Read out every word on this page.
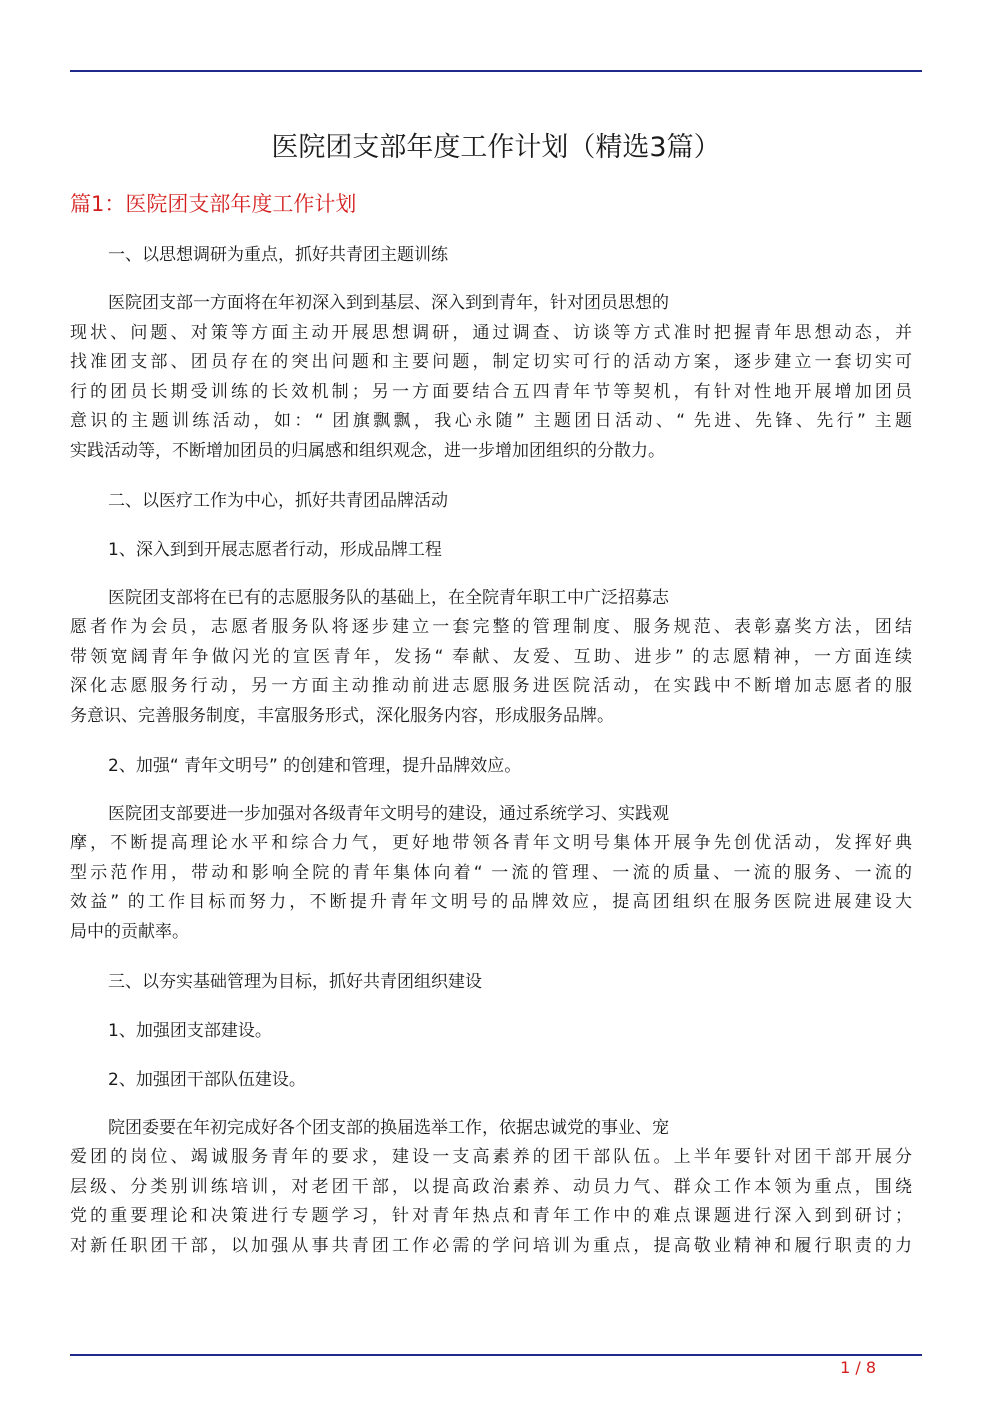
医院团支部年度工作计划（精选3篇）
篇1：医院团支部年度工作计划
一、以思想调研为重点，抓好共青团主题训练
医院团支部一方面将在年初深入到到基层、深入到到青年，针对团员思想的
现状、问题、对策等方面主动开展思想调研，通过调查、访谈等方式准时把握青年思想动态，并
找准团支部、团员存在的突出问题和主要问题，制定切实可行的活动方案，逐步建立一套切实可
行的团员长期受训练的长效机制；另一方面要结合五四青年节等契机，有针对性地开展增加团员
意识的主题训练活动，如：“ 团旗飘飘，我心永随” 主题团日活动、“ 先进、先锋、先行” 主题
实践活动等，不断增加团员的归属感和组织观念，进一步增加团组织的分散力。
二、以医疗工作为中心，抓好共青团品牌活动
1、深入到到开展志愿者行动，形成品牌工程
医院团支部将在已有的志愿服务队的基础上，在全院青年职工中广泛招募志
愿者作为会员，志愿者服务队将逐步建立一套完整的管理制度、服务规范、表彰嘉奖方法，团结
带领宽阔青年争做闪光的宣医青年，发扬“ 奉献、友爱、互助、进步” 的志愿精神，一方面连续
深化志愿服务行动，另一方面主动推动前进志愿服务进医院活动，在实践中不断增加志愿者的服
务意识、完善服务制度，丰富服务形式，深化服务内容，形成服务品牌。
2、加强“ 青年文明号” 的创建和管理，提升品牌效应。
医院团支部要进一步加强对各级青年文明号的建设，通过系统学习、实践观
摩，不断提高理论水平和综合力气，更好地带领各青年文明号集体开展争先创优活动，发挥好典
型示范作用，带动和影响全院的青年集体向着“ 一流的管理、一流的质量、一流的服务、一流的
效益” 的工作目标而努力，不断提升青年文明号的品牌效应，提高团组织在服务医院进展建设大
局中的贡献率。
三、以夯实基础管理为目标，抓好共青团组织建设
1、加强团支部建设。
2、加强团干部队伍建设。
院团委要在年初完成好各个团支部的换届选举工作，依据忠诚党的事业、宠
爱团的岗位、竭诚服务青年的要求，建设一支高素养的团干部队伍。上半年要针对团干部开展分
层级、分类别训练培训，对老团干部，以提高政治素养、动员力气、群众工作本领为重点，围绕
党的重要理论和决策进行专题学习，针对青年热点和青年工作中的难点课题进行深入到到研讨；
对新任职团干部，以加强从事共青团工作必需的学问培训为重点，提高敬业精神和履行职责的力
1 / 8
